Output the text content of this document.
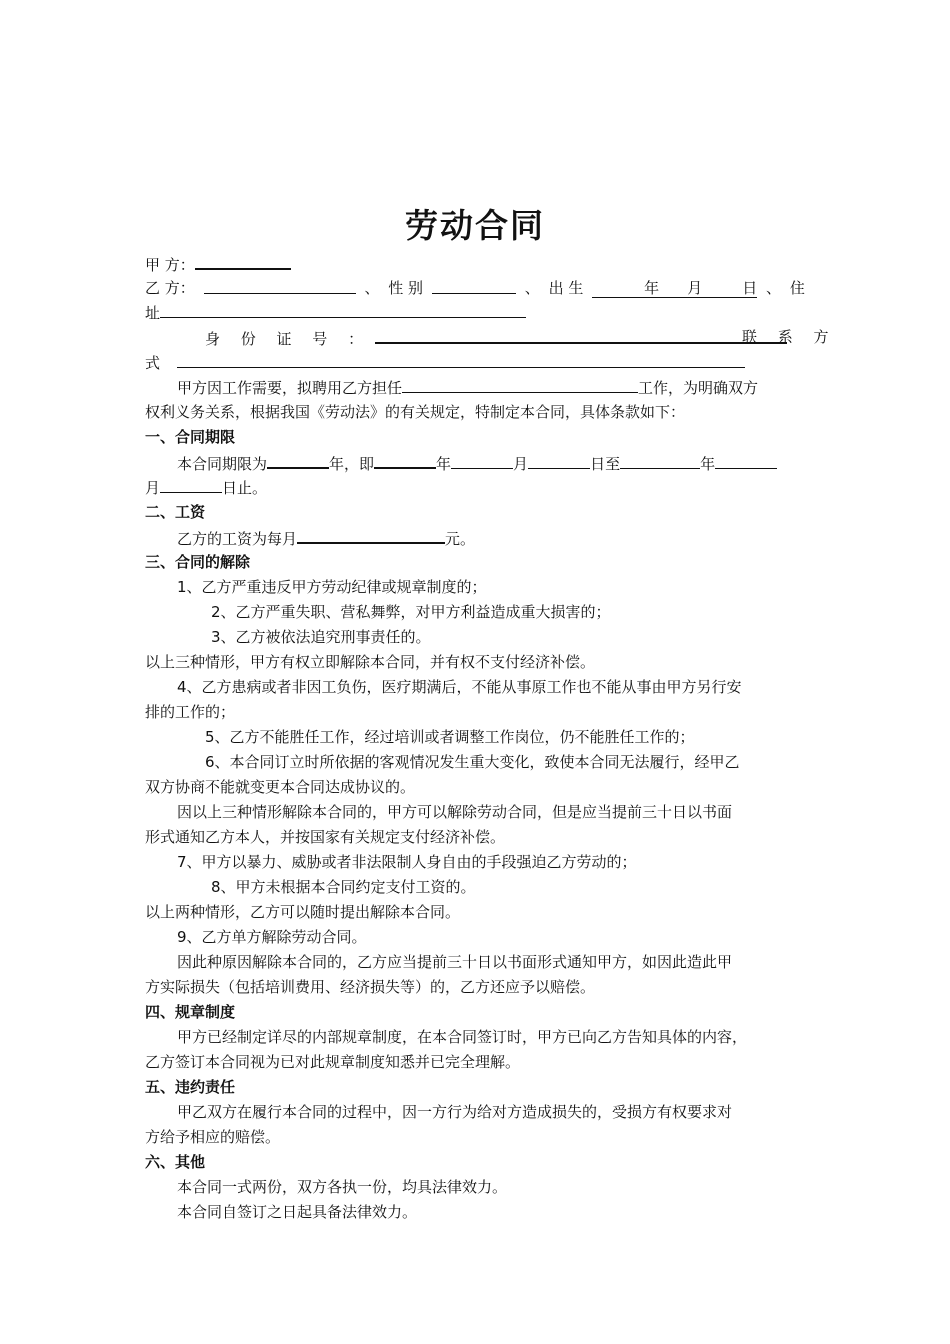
劳动合同
甲 方：
乙 方：	、 性 别	、 出 生	年 月	日 、 住
址
身 份 证 号 ：	联 系 方
式
甲方因工作需要，拟聘用乙方担任	工作，为明确双方
权利义务关系，根据我国《劳动法》的有关规定，特制定本合同，具体条款如下：
一、合同期限
本合同期限为	年，即	年	月	日至	年
月	日止。
二、工资
乙方的工资为每月	元。
三、合同的解除
1、乙方严重违反甲方劳动纪律或规章制度的；
2、乙方严重失职、营私舞弊，对甲方利益造成重大损害的；
3、乙方被依法追究刑事责任的。
以上三种情形，甲方有权立即解除本合同，并有权不支付经济补偿。
4、乙方患病或者非因工负伤，医疗期满后，不能从事原工作也不能从事由甲方另行安
排的工作的；
5、乙方不能胜任工作，经过培训或者调整工作岗位，仍不能胜任工作的；
6、本合同订立时所依据的客观情况发生重大变化，致使本合同无法履行，经甲乙
双方协商不能就变更本合同达成协议的。
因以上三种情形解除本合同的，甲方可以解除劳动合同，但是应当提前三十日以书面
形式通知乙方本人，并按国家有关规定支付经济补偿。
7、甲方以暴力、威胁或者非法限制人身自由的手段强迫乙方劳动的；
8、甲方未根据本合同约定支付工资的。
以上两种情形，乙方可以随时提出解除本合同。
9、乙方单方解除劳动合同。
因此种原因解除本合同的，乙方应当提前三十日以书面形式通知甲方，如因此造此甲
方实际损失（包括培训费用、经济损失等）的，乙方还应予以赔偿。
四、规章制度
甲方已经制定详尽的内部规章制度，在本合同签订时，甲方已向乙方告知具体的内容，
乙方签订本合同视为已对此规章制度知悉并已完全理解。
五、违约责任
甲乙双方在履行本合同的过程中，因一方行为给对方造成损失的，受损方有权要求对
方给予相应的赔偿。
六、其他
本合同一式两份，双方各执一份，均具法律效力。
本合同自签订之日起具备法律效力。
